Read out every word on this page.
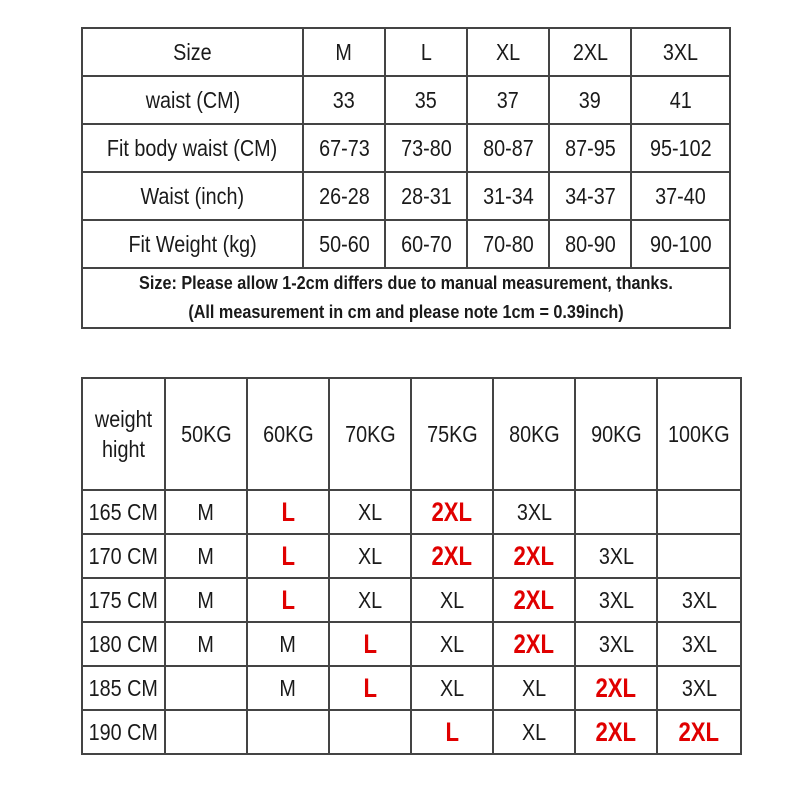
Size	M	L	XL	2XL	3XL
waist (CM)	33	35	37	39	41
Fit body waist (CM)	67-73	73-80	80-87	87-95	95-102
Waist (inch)	26-28	28-31	31-34	34-37	37-40
Fit Weight (kg)	50-60	60-70	70-80	80-90	90-100

Size: Please allow 1-2cm differs due to manual measurement, thanks.
(All measurement in cm and please note 1cm = 0.39inch)					
weight
hight	50KG	60KG	70KG	75KG	80KG	90KG	100KG
165 CM	M	L	XL	2XL	3XL		
170 CM	M	L	XL	2XL	2XL	3XL	
175 CM	M	L	XL	XL	2XL	3XL	3XL
180 CM	M	M	L	XL	2XL	3XL	3XL
185 CM		M	L	XL	XL	2XL	3XL
190 CM				L	XL	2XL	2XL
